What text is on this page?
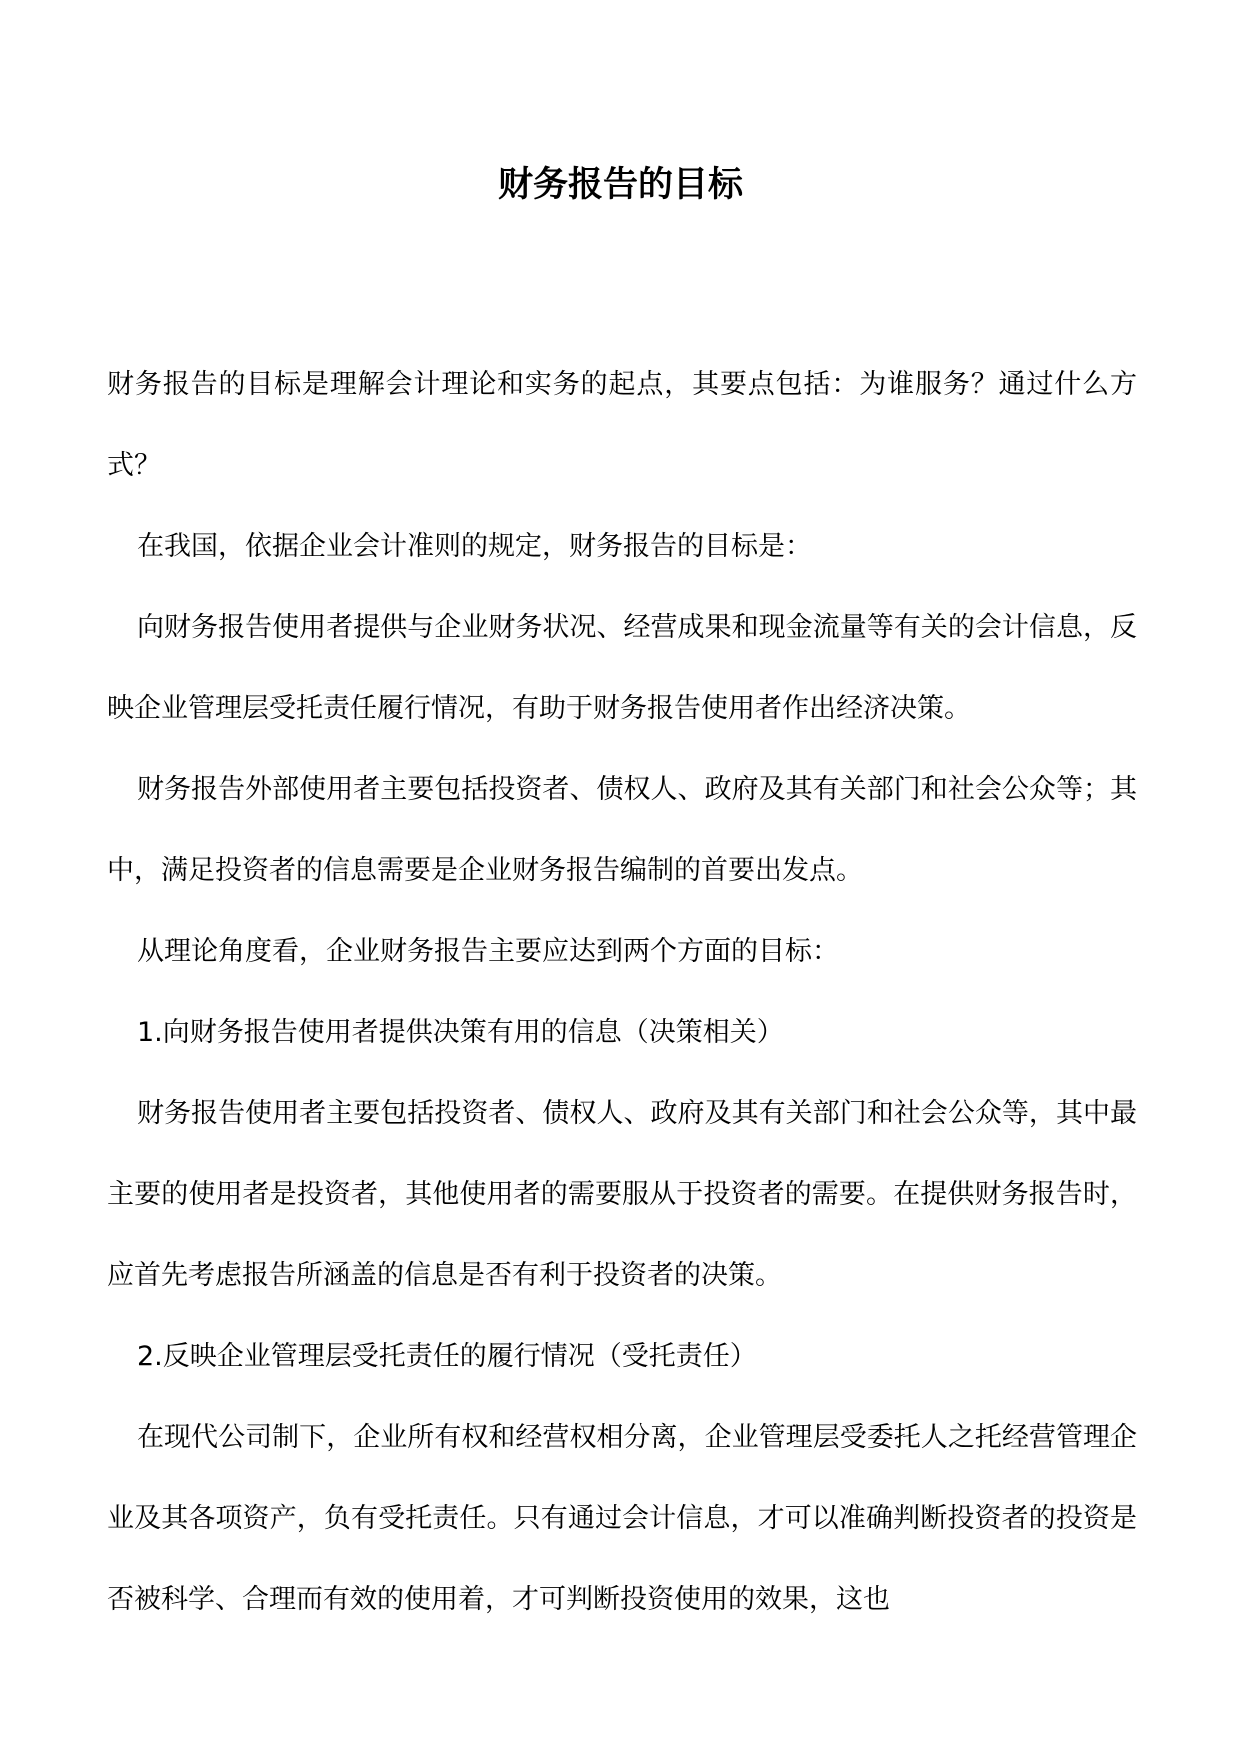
财务报告的目标

财务报告的目标是理解会计理论和实务的起点，其要点包括：为谁服务？通过什么方式？

在我国，依据企业会计准则的规定，财务报告的目标是：

向财务报告使用者提供与企业财务状况、经营成果和现金流量等有关的会计信息，反映企业管理层受托责任履行情况，有助于财务报告使用者作出经济决策。

财务报告外部使用者主要包括投资者、债权人、政府及其有关部门和社会公众等；其中，满足投资者的信息需要是企业财务报告编制的首要出发点。

从理论角度看，企业财务报告主要应达到两个方面的目标：

1.向财务报告使用者提供决策有用的信息（决策相关）

财务报告使用者主要包括投资者、债权人、政府及其有关部门和社会公众等，其中最主要的使用者是投资者，其他使用者的需要服从于投资者的需要。在提供财务报告时，应首先考虑报告所涵盖的信息是否有利于投资者的决策。

2.反映企业管理层受托责任的履行情况（受托责任）

在现代公司制下，企业所有权和经营权相分离，企业管理层受委托人之托经营管理企业及其各项资产，负有受托责任。只有通过会计信息，才可以准确判断投资者的投资是否被科学、合理而有效的使用着，才可判断投资使用的效果，这也
